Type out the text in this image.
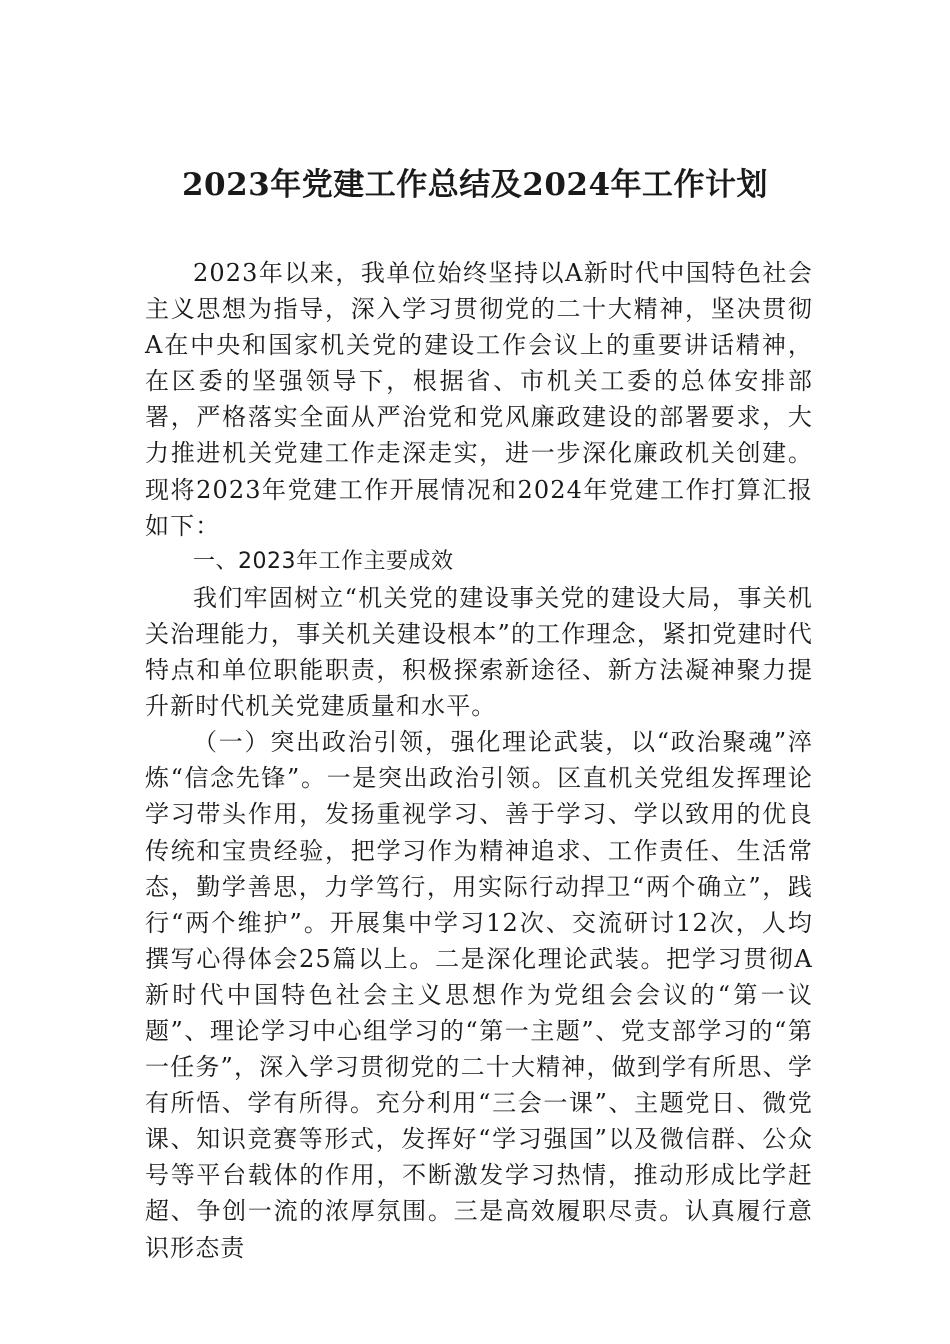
2023年党建工作总结及2024年工作计划

2023年以来，我单位始终坚持以A新时代中国特色社会主义思想为指导，深入学习贯彻党的二十大精神，坚决贯彻A在中央和国家机关党的建设工作会议上的重要讲话精神，在区委的坚强领导下，根据省、市机关工委的总体安排部署，严格落实全面从严治党和党风廉政建设的部署要求，大力推进机关党建工作走深走实，进一步深化廉政机关创建。现将2023年党建工作开展情况和2024年党建工作打算汇报如下：

一、2023年工作主要成效

我们牢固树立“机关党的建设事关党的建设大局，事关机关治理能力，事关机关建设根本”的工作理念，紧扣党建时代特点和单位职能职责，积极探索新途径、新方法凝神聚力提升新时代机关党建质量和水平。

（一）突出政治引领，强化理论武装，以“政治聚魂”淬炼“信念先锋”。一是突出政治引领。区直机关党组发挥理论学习带头作用，发扬重视学习、善于学习、学以致用的优良传统和宝贵经验，把学习作为精神追求、工作责任、生活常态，勤学善思，力学笃行，用实际行动捍卫“两个确立”，践行“两个维护”。开展集中学习12次、交流研讨12次，人均撰写心得体会25篇以上。二是深化理论武装。把学习贯彻A新时代中国特色社会主义思想作为党组会会议的“第一议题”、理论学习中心组学习的“第一主题”、党支部学习的“第一任务”，深入学习贯彻党的二十大精神，做到学有所思、学有所悟、学有所得。充分利用“三会一课”、主题党日、微党课、知识竞赛等形式，发挥好“学习强国”以及微信群、公众号等平台载体的作用，不断激发学习热情，推动形成比学赶超、争创一流的浓厚氛围。三是高效履职尽责。认真履行意识形态责
